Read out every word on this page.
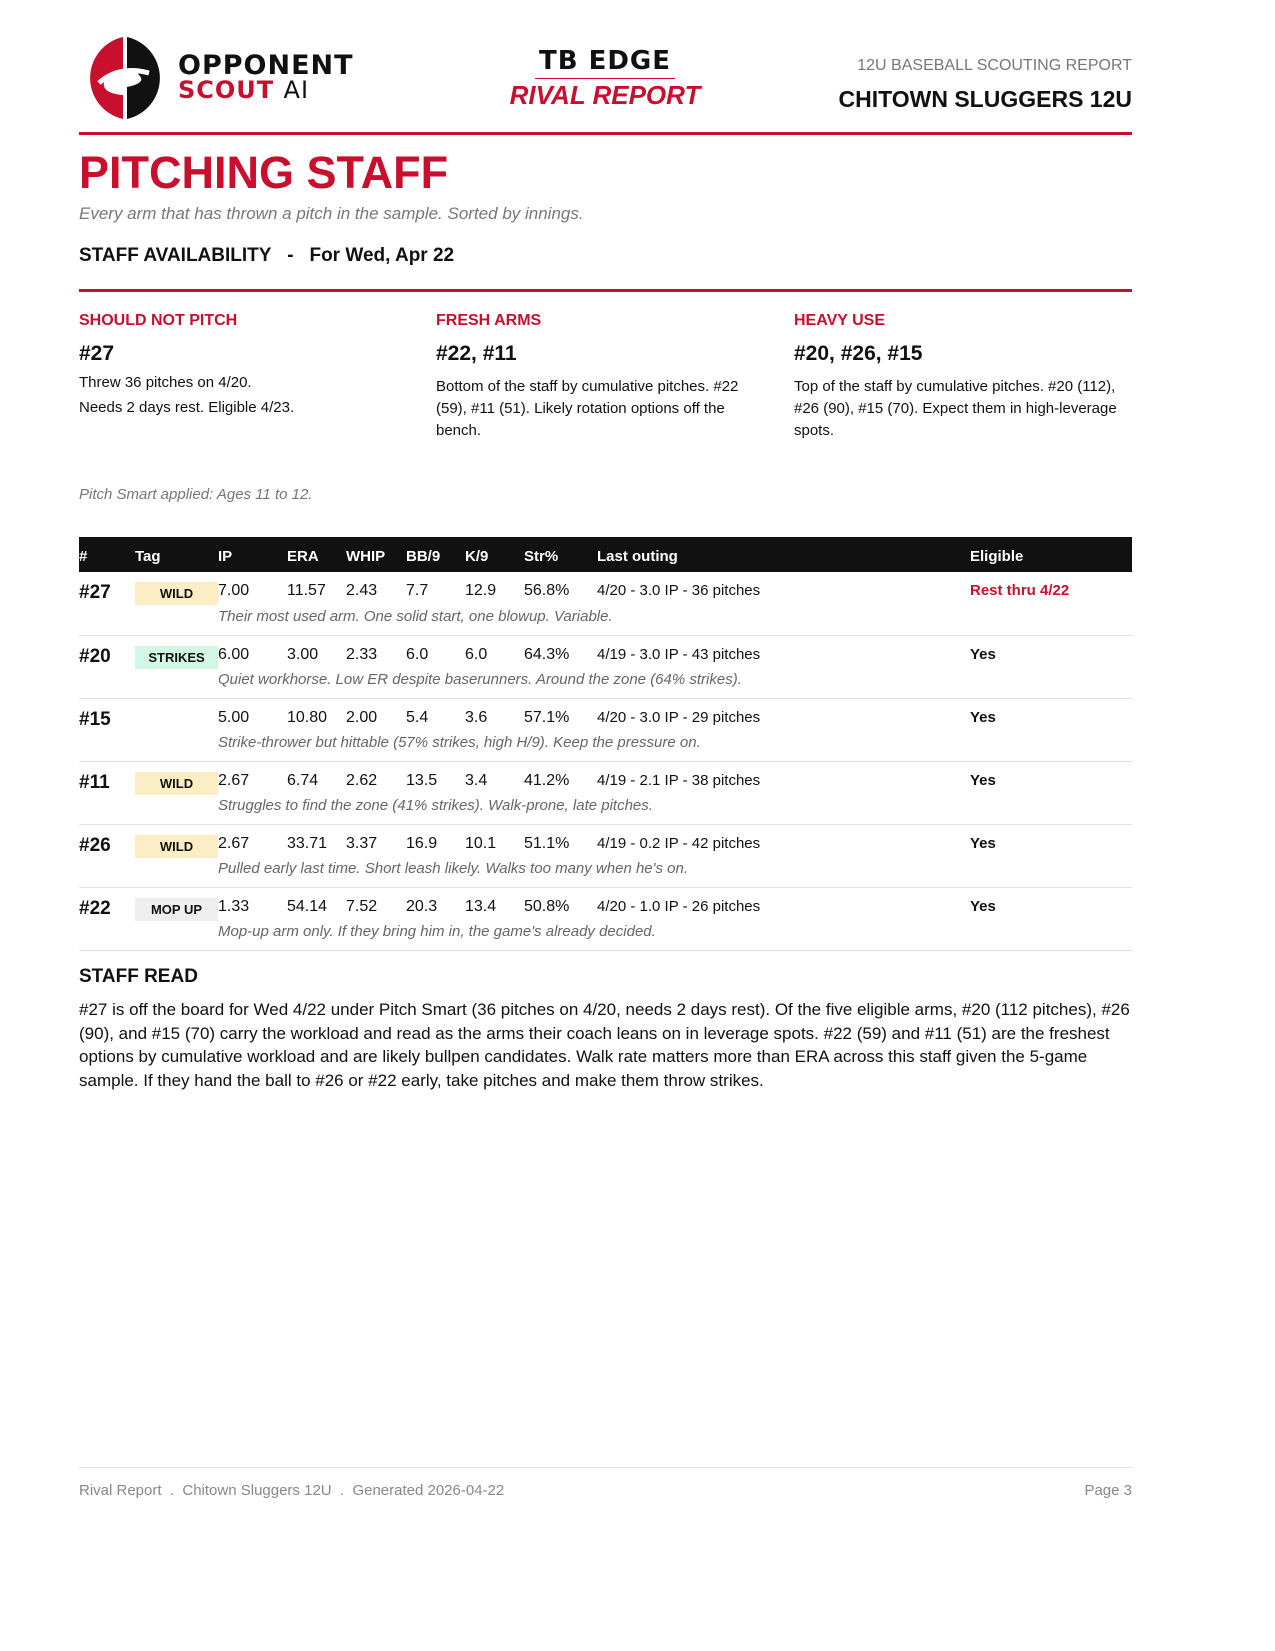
OPPONENT
SCOUT AI
TB EDGE
RIVAL REPORT
12U BASEBALL SCOUTING REPORT
CHITOWN SLUGGERS 12U
PITCHING STAFF
Every arm that has thrown a pitch in the sample. Sorted by innings.
STAFF AVAILABILITY - For Wed, Apr 22
SHOULD NOT PITCH
#27

Threw 36 pitches on 4/20.

Needs 2 days rest. Eligible 4/23.

FRESH ARMS
#22, #11

Bottom of the staff by cumulative pitches. #22 (59), #11 (51). Likely rotation options off the bench.

HEAVY USE
#20, #26, #15

Top of the staff by cumulative pitches. #20 (112), #26 (90), #15 (70). Expect them in high-leverage spots.

Pitch Smart applied: Ages 11 to 12.
#	Tag	IP	ERA	WHIP	BB/9	K/9	Str%	Last outing	Eligible
#27	WILD	7.00	11.57	2.43	7.7	12.9	56.8%	4/20 - 3.0 IP - 36 pitches	Rest thru 4/22
		Their most used arm. One solid start, one blowup. Variable.							
#20	STRIKES	6.00	3.00	2.33	6.0	6.0	64.3%	4/19 - 3.0 IP - 43 pitches	Yes
		Quiet workhorse. Low ER despite baserunners. Around the zone (64% strikes).							
#15		5.00	10.80	2.00	5.4	3.6	57.1%	4/20 - 3.0 IP - 29 pitches	Yes
		Strike-thrower but hittable (57% strikes, high H/9). Keep the pressure on.							
#11	WILD	2.67	6.74	2.62	13.5	3.4	41.2%	4/19 - 2.1 IP - 38 pitches	Yes
		Struggles to find the zone (41% strikes). Walk-prone, late pitches.							
#26	WILD	2.67	33.71	3.37	16.9	10.1	51.1%	4/19 - 0.2 IP - 42 pitches	Yes
		Pulled early last time. Short leash likely. Walks too many when he's on.							
#22	MOP UP	1.33	54.14	7.52	20.3	13.4	50.8%	4/20 - 1.0 IP - 26 pitches	Yes
		Mop-up arm only. If they bring him in, the game's already decided.							
STAFF READ

#27 is off the board for Wed 4/22 under Pitch Smart (36 pitches on 4/20, needs 2 days rest). Of the five eligible arms, #20 (112 pitches), #26 (90), and #15 (70) carry the workload and read as the arms their coach leans on in leverage spots. #22 (59) and #11 (51) are the freshest options by cumulative workload and are likely bullpen candidates. Walk rate matters more than ERA across this staff given the 5-game sample. If they hand the ball to #26 or #22 early, take pitches and make them throw strikes.

Rival Report  .  Chitown Sluggers 12U  .  Generated 2026-04-22	Page 3
